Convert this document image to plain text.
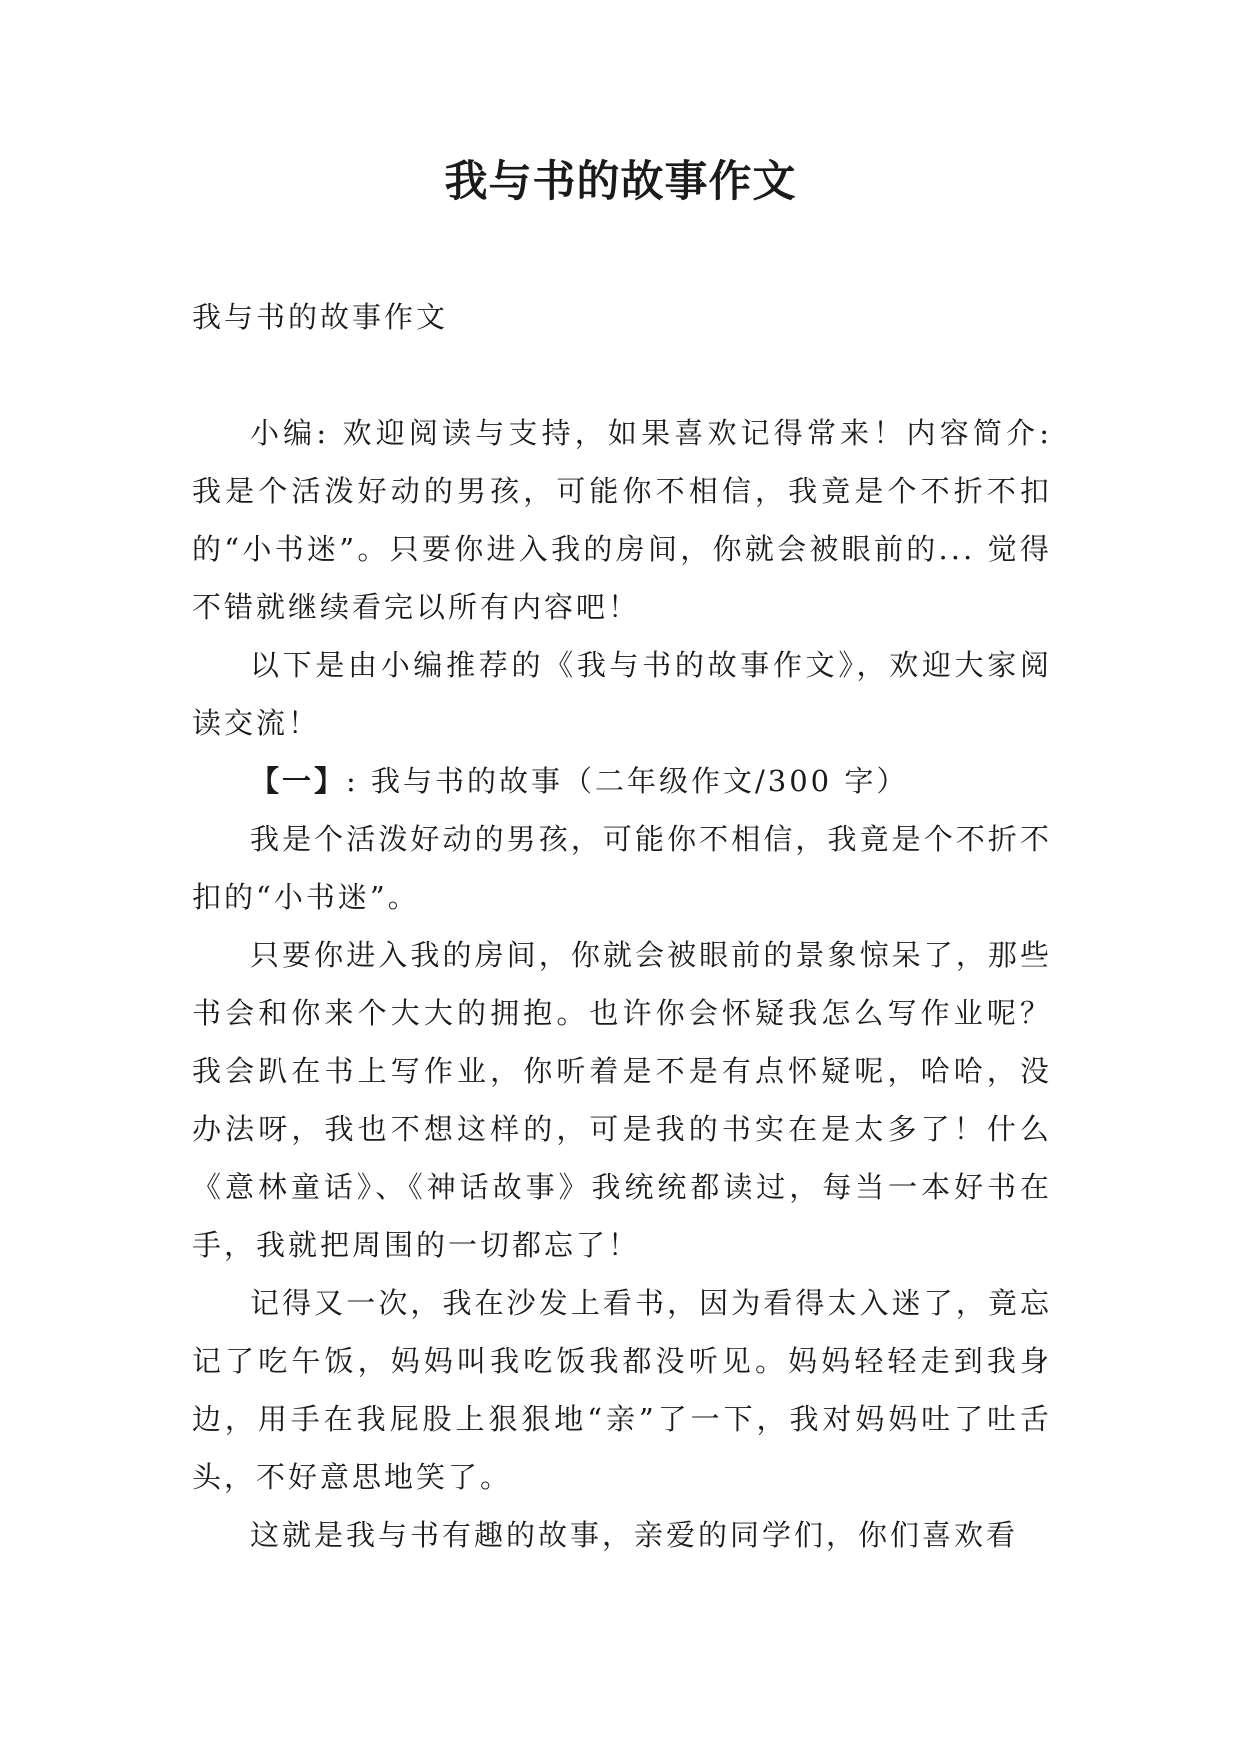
我与书的故事作文

我与书的故事作文

小编: 欢迎阅读与支持，如果喜欢记得常来！内容简介: 我是个活泼好动的男孩，可能你不相信，我竟是个不折不扣的“小书迷”。只要你进入我的房间，你就会被眼前的... 觉得不错就继续看完以所有内容吧！

以下是由小编推荐的《我与书的故事作文》，欢迎大家阅读交流！

【一】: 我与书的故事（二年级作文/300 字）

我是个活泼好动的男孩，可能你不相信，我竟是个不折不扣的“小书迷”。

只要你进入我的房间，你就会被眼前的景象惊呆了，那些书会和你来个大大的拥抱。也许你会怀疑我怎么写作业呢？我会趴在书上写作业，你听着是不是有点怀疑呢，哈哈，没办法呀，我也不想这样的，可是我的书实在是太多了！什么《意林童话》、《神话故事》我统统都读过，每当一本好书在手，我就把周围的一切都忘了！

记得又一次，我在沙发上看书，因为看得太入迷了，竟忘记了吃午饭，妈妈叫我吃饭我都没听见。妈妈轻轻走到我身边，用手在我屁股上狠狠地“亲”了一下，我对妈妈吐了吐舌头，不好意思地笑了。

这就是我与书有趣的故事，亲爱的同学们，你们喜欢看
